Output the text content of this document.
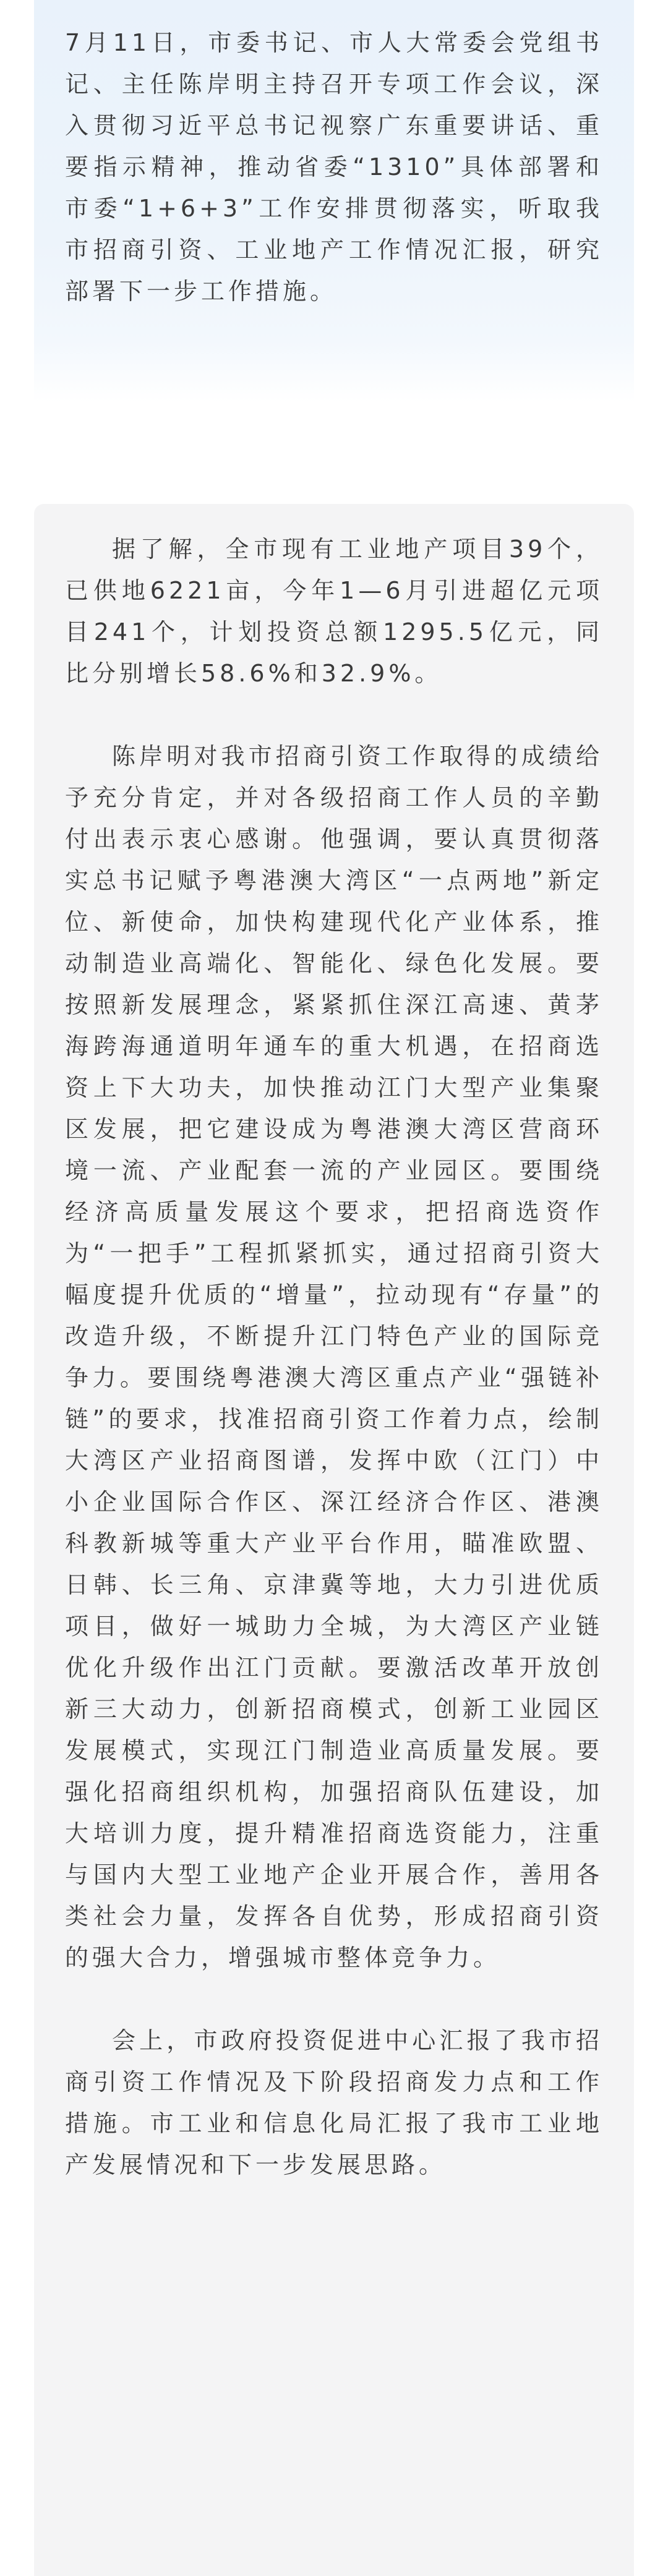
7月11日，市委书记、市人大常委会党组书记、主任陈岸明主持召开专项工作会议，深入贯彻习近平总书记视察广东重要讲话、重要指示精神，推动省委“1310”具体部署和市委“1+6+3”工作安排贯彻落实，听取我市招商引资、工业地产工作情况汇报，研究部署下一步工作措施。

据了解，全市现有工业地产项目39个，已供地6221亩，今年1—6月引进超亿元项目241个，计划投资总额1295.5亿元，同比分别增长58.6%和32.9%。

陈岸明对我市招商引资工作取得的成绩给予充分肯定，并对各级招商工作人员的辛勤付出表示衷心感谢。他强调，要认真贯彻落实总书记赋予粤港澳大湾区“一点两地”新定位、新使命，加快构建现代化产业体系，推动制造业高端化、智能化、绿色化发展。要按照新发展理念，紧紧抓住深江高速、黄茅海跨海通道明年通车的重大机遇，在招商选资上下大功夫，加快推动江门大型产业集聚区发展，把它建设成为粤港澳大湾区营商环境一流、产业配套一流的产业园区。要围绕经济高质量发展这个要求，把招商选资作为“一把手”工程抓紧抓实，通过招商引资大幅度提升优质的“增量”，拉动现有“存量”的改造升级，不断提升江门特色产业的国际竞争力。要围绕粤港澳大湾区重点产业“强链补链”的要求，找准招商引资工作着力点，绘制大湾区产业招商图谱，发挥中欧（江门）中小企业国际合作区、深江经济合作区、港澳科教新城等重大产业平台作用，瞄准欧盟、日韩、长三角、京津冀等地，大力引进优质项目，做好一城助力全城，为大湾区产业链优化升级作出江门贡献。要激活改革开放创新三大动力，创新招商模式，创新工业园区发展模式，实现江门制造业高质量发展。要强化招商组织机构，加强招商队伍建设，加大培训力度，提升精准招商选资能力，注重与国内大型工业地产企业开展合作，善用各类社会力量，发挥各自优势，形成招商引资的强大合力，增强城市整体竞争力。

会上，市政府投资促进中心汇报了我市招商引资工作情况及下阶段招商发力点和工作措施。市工业和信息化局汇报了我市工业地产发展情况和下一步发展思路。
